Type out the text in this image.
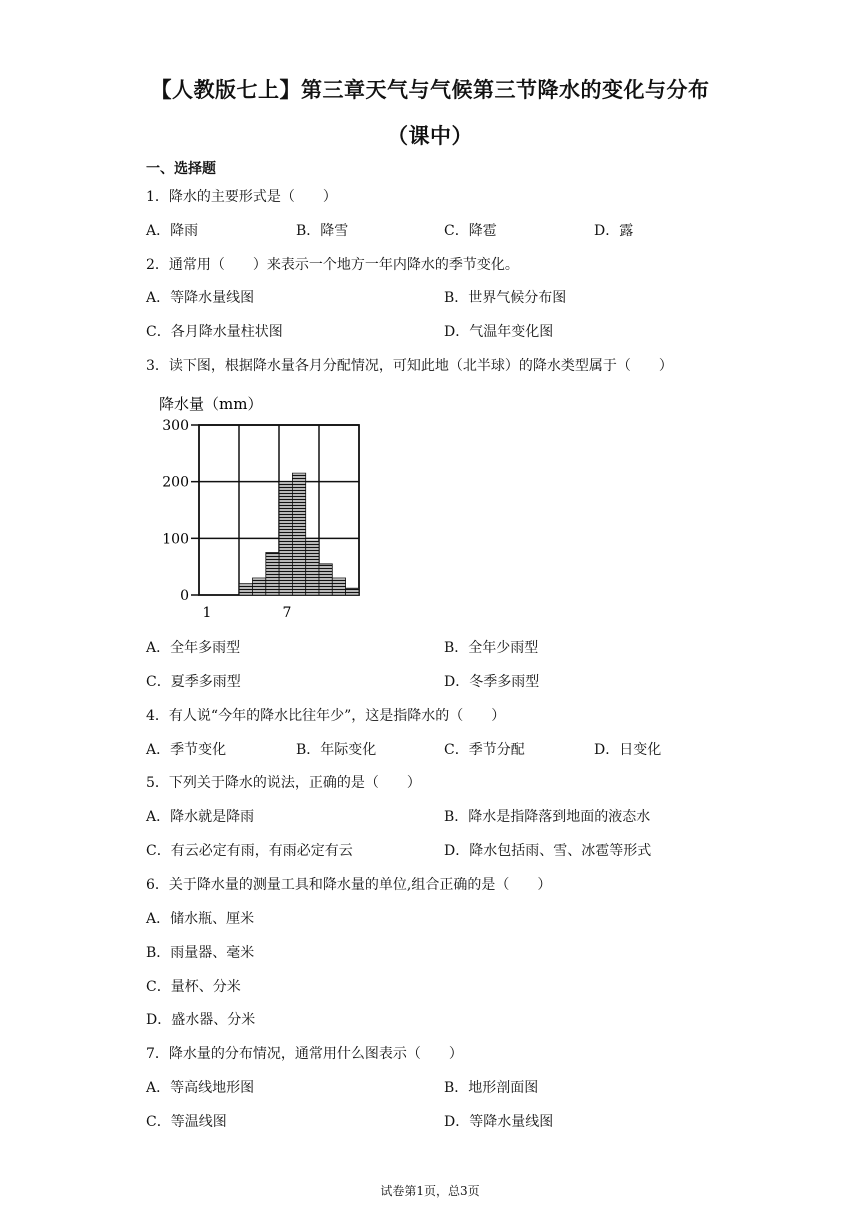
【人教版七上】第三章天气与气候第三节降水的变化与分布
（课中）
一、选择题
1．降水的主要形式是（　　）
A．降雨	B．降雪	C．降雹	D．露
2．通常用（　　）来表示一个地方一年内降水的季节变化。
A．等降水量线图	B．世界气候分布图
C．各月降水量柱状图	D．气温年变化图
3．读下图，根据降水量各月分配情况，可知此地（北半球）的降水类型属于（　　）
降水量（mm）
0
100
200
300
1	7
A．全年多雨型	B．全年少雨型
C．夏季多雨型	D．冬季多雨型
4．有人说“今年的降水比往年少”，这是指降水的（　　）
A．季节变化	B．年际变化	C．季节分配	D．日变化
5．下列关于降水的说法，正确的是（　　）
A．降水就是降雨	B．降水是指降落到地面的液态水
C．有云必定有雨，有雨必定有云	D．降水包括雨、雪、冰雹等形式
6．关于降水量的测量工具和降水量的单位,组合正确的是（　　）
A．储水瓶、厘米
B．雨量器、毫米
C．量杯、分米
D．盛水器、分米
7．降水量的分布情况，通常用什么图表示（　　）
A．等高线地形图	B．地形剖面图
C．等温线图	D．等降水量线图
试卷第1页，总3页
